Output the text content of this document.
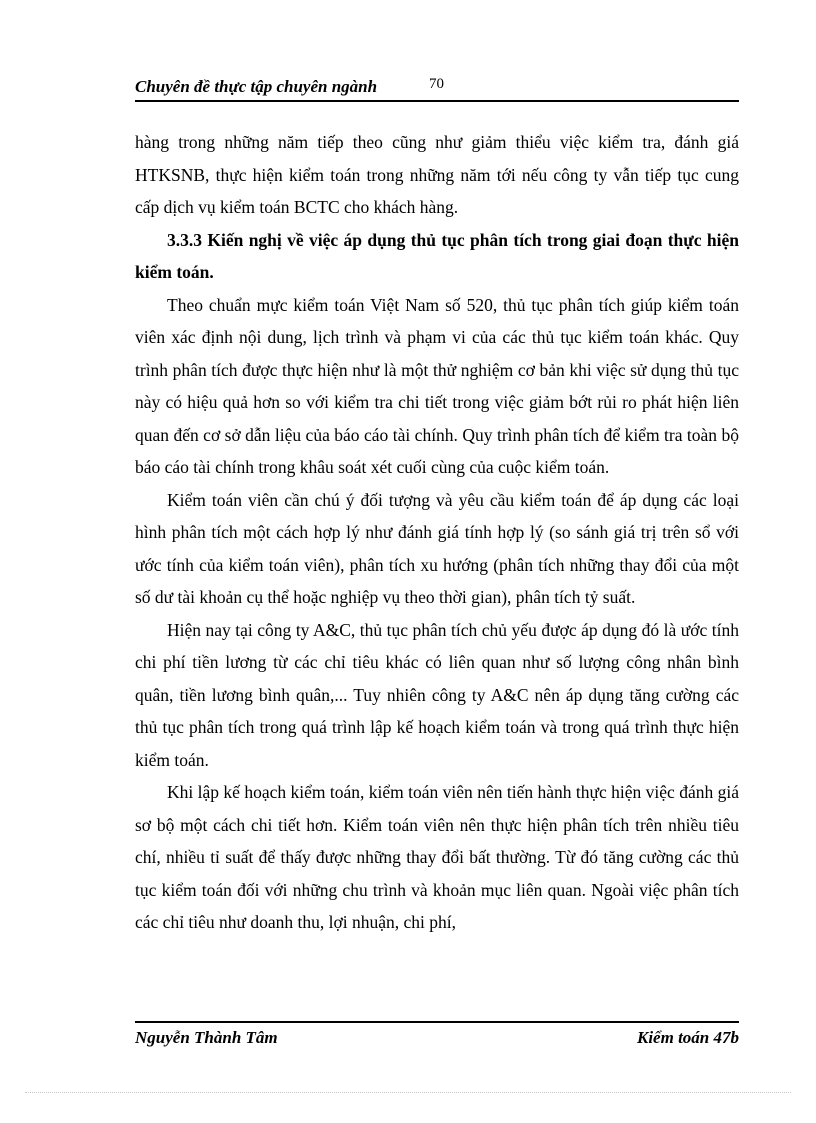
Chuyên đề thực tập chuyên ngành	70

hàng trong những năm tiếp theo cũng như giảm thiểu việc kiểm tra, đánh giá HTKSNB, thực hiện kiểm toán trong những năm tới nếu công ty vẫn tiếp tục cung cấp dịch vụ kiểm toán BCTC cho khách hàng.

3.3.3 Kiến nghị về việc áp dụng thủ tục phân tích trong giai đoạn thực hiện kiểm toán.

Theo chuẩn mực kiểm toán Việt Nam số 520, thủ tục phân tích giúp kiểm toán viên xác định nội dung, lịch trình và phạm vi của các thủ tục kiểm toán khác. Quy trình phân tích được thực hiện như là một thử nghiệm cơ bản khi việc sử dụng thủ tục này có hiệu quả hơn so với kiểm tra chi tiết trong việc giảm bớt rủi ro phát hiện liên quan đến cơ sở dẫn liệu của báo cáo tài chính. Quy trình phân tích để kiểm tra toàn bộ báo cáo tài chính trong khâu soát xét cuối cùng của cuộc kiểm toán.

Kiểm toán viên cần chú ý đối tượng và yêu cầu kiểm toán để áp dụng các loại hình phân tích một cách hợp lý như đánh giá tính hợp lý (so sánh giá trị trên sổ với ước tính của kiểm toán viên), phân tích xu hướng (phân tích những thay đổi của một số dư tài khoản cụ thể hoặc nghiệp vụ theo thời gian), phân tích tỷ suất.

Hiện nay tại công ty A&C, thủ tục phân tích chủ yếu được áp dụng đó là ước tính chi phí tiền lương từ các chỉ tiêu khác có liên quan như số lượng công nhân bình quân, tiền lương bình quân,... Tuy nhiên công ty A&C nên áp dụng tăng cường các thủ tục phân tích trong quá trình lập kế hoạch kiểm toán và trong quá trình thực hiện kiểm toán.

Khi lập kế hoạch kiểm toán, kiểm toán viên nên tiến hành thực hiện việc đánh giá sơ bộ một cách chi tiết hơn. Kiểm toán viên nên thực hiện phân tích trên nhiều tiêu chí, nhiều tỉ suất để thấy được những thay đổi bất thường. Từ đó tăng cường các thủ tục kiểm toán đối với những chu trình và khoản mục liên quan. Ngoài việc phân tích các chỉ tiêu như doanh thu, lợi nhuận, chi phí,

Nguyễn Thành Tâm	Kiểm toán 47b
